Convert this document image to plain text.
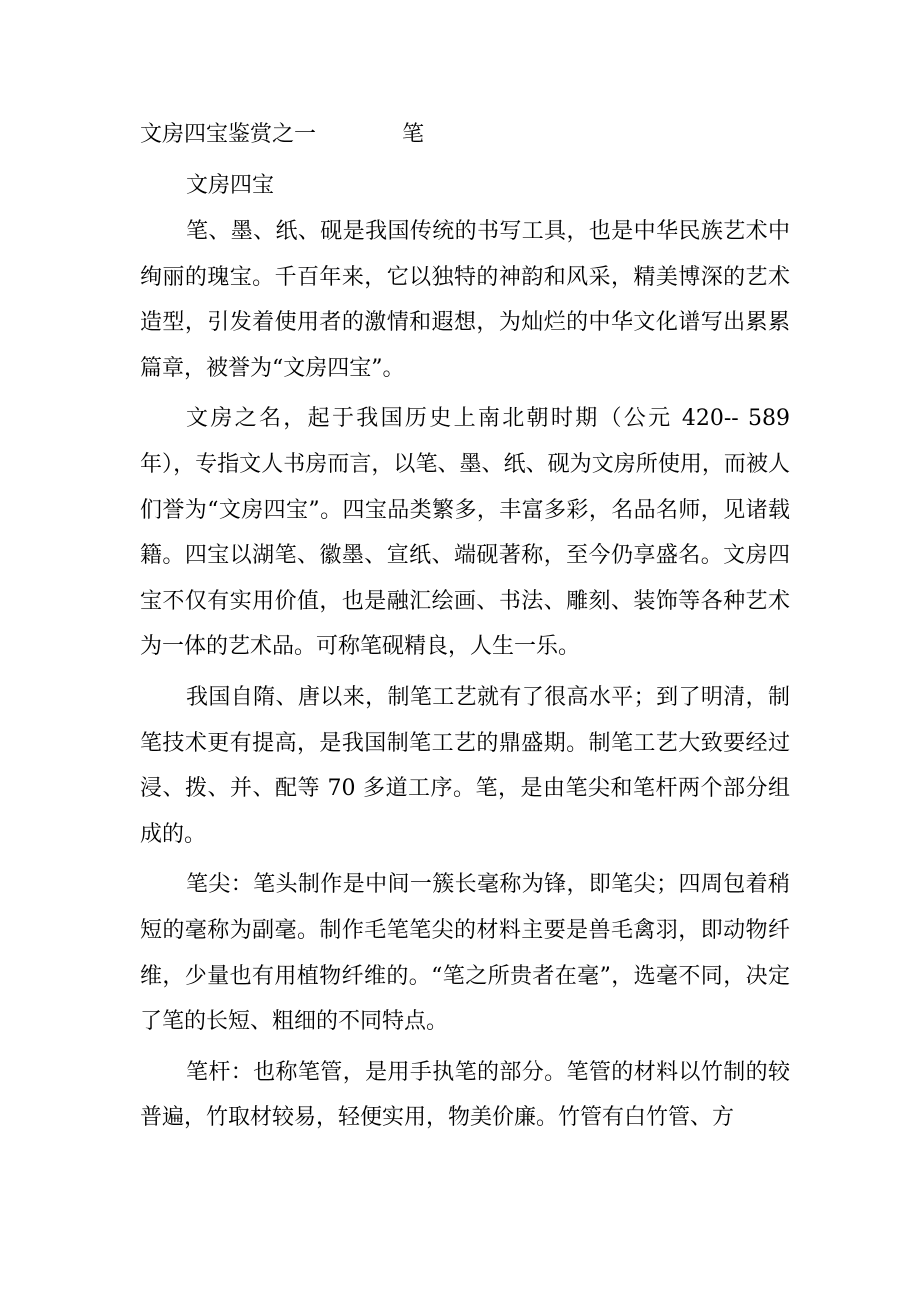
文房四宝鉴赏之一	笔
文房四宝

笔、墨、纸、砚是我国传统的书写工具，也是中华民族艺术中绚丽的瑰宝。千百年来，它以独特的神韵和风采，精美博深的艺术造型，引发着使用者的激情和遐想，为灿烂的中华文化谱写出累累篇章，被誉为“文房四宝”。

文房之名，起于我国历史上南北朝时期（公元 420-- 589年），专指文人书房而言，以笔、墨、纸、砚为文房所使用，而被人们誉为“文房四宝”。四宝品类繁多，丰富多彩，名品名师，见诸载籍。四宝以湖笔、徽墨、宣纸、端砚著称，至今仍享盛名。文房四宝不仅有实用价值，也是融汇绘画、书法、雕刻、装饰等各种艺术为一体的艺术品。可称笔砚精良，人生一乐。

我国自隋、唐以来，制笔工艺就有了很高水平；到了明清，制笔技术更有提高，是我国制笔工艺的鼎盛期。制笔工艺大致要经过浸、拨、并、配等 70 多道工序。笔，是由笔尖和笔杆两个部分组成的。

笔尖：笔头制作是中间一簇长毫称为锋，即笔尖；四周包着稍短的毫称为副毫。制作毛笔笔尖的材料主要是兽毛禽羽，即动物纤维，少量也有用植物纤维的。“笔之所贵者在毫”，选毫不同，决定了笔的长短、粗细的不同特点。

笔杆：也称笔管，是用手执笔的部分。笔管的材料以竹制的较普遍，竹取材较易，轻便实用，物美价廉。竹管有白竹管、方
